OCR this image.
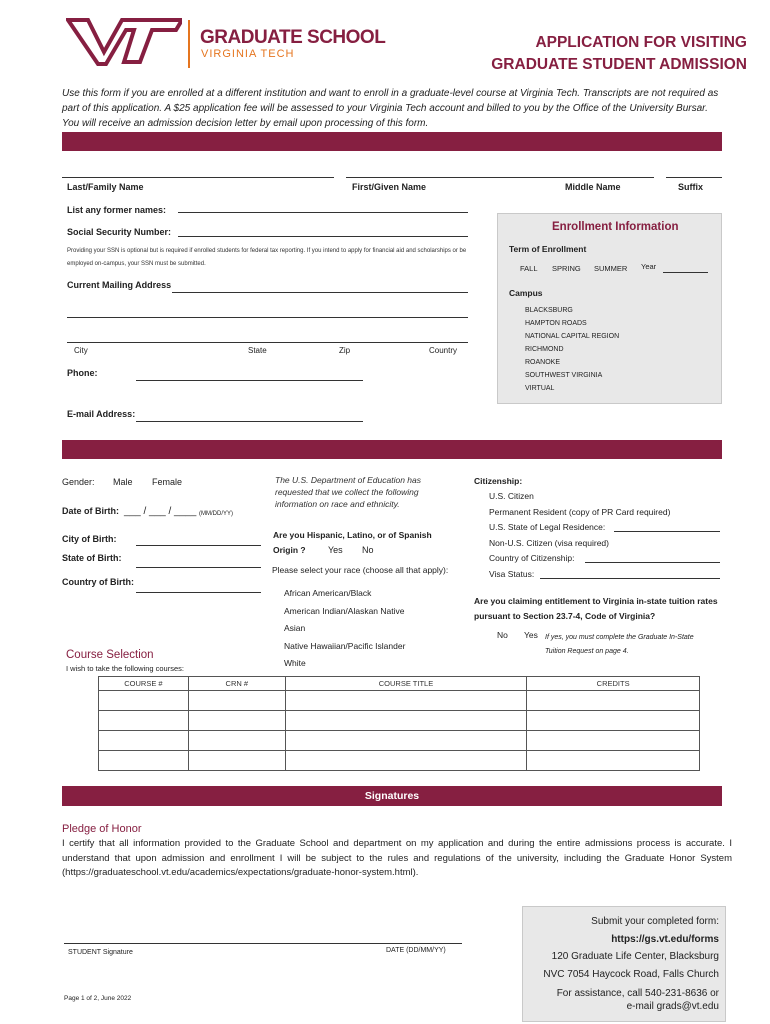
GRADUATE SCHOOL
VIRGINIA TECH
APPLICATION FOR VISITING
GRADUATE STUDENT ADMISSION
Use this form if you are enrolled at a different institution and want to enroll in a graduate-level course at Virginia Tech. Transcripts are not required as part of this application. A $25 application fee will be assessed to your Virginia Tech account and billed to you by the Office of the University Bursar. You will receive an admission decision letter by email upon processing of this form.
Last/Family Name	First/Given Name	Middle Name	Suffix
List any former names:
Social Security Number:
Providing your SSN is optional but is required if enrolled students for federal tax reporting. If you intend to apply for financial aid and scholarships or be employed on-campus, your SSN must be submitted.
Current Mailing Address
City	State	Zip	Country
Phone:
E-mail Address:
Enrollment Information
Term of Enrollment
FALL SPRING SUMMER Year
Campus
BLACKSBURG
HAMPTON ROADS
NATIONAL CAPITAL REGION
RICHMOND
ROANOKE
SOUTHWEST VIRGINIA
VIRTUAL
Gender: Male Female
Date of Birth: ___ / ___ / ____ (MM/DD/YY)
City of Birth:
State of Birth:
Country of Birth:
The U.S. Department of Education has requested that we collect the following information on race and ethnicity.
Are you Hispanic, Latino, or of Spanish Origin ?	Yes No
Please select your race (choose all that apply):
African American/Black
American Indian/Alaskan Native
Asian
Native Hawaiian/Pacific Islander
White
Citizenship:
U.S. Citizen
Permanent Resident (copy of PR Card required)
U.S. State of Legal Residence:
Non-U.S. Citizen (visa required)
Country of Citizenship:
Visa Status:
Are you claiming entitlement to Virginia in-state tuition rates pursuant to Section 23.7-4, Code of Virginia?
No Yes If yes, you must complete the Graduate In-State Tuition Request on page 4.
Course Selection
I wish to take the following courses:
COURSE #	CRN #	COURSE TITLE	CREDITS

Signatures
Pledge of Honor
I certify that all information provided to the Graduate School and department on my application and during the entire admissions process is accurate. I understand that upon admission and enrollment I will be subject to the rules and regulations of the university, including the Graduate Honor System (https://graduateschool.vt.edu/academics/expectations/graduate-honor-system.html).
STUDENT Signature	DATE (DD/MM/YY)
Page 1 of 2, June 2022
Submit your completed form:
https://gs.vt.edu/forms
120 Graduate Life Center, Blacksburg
NVC 7054 Haycock Road, Falls Church
For assistance, call 540-231-8636 or
e-mail grads@vt.edu
